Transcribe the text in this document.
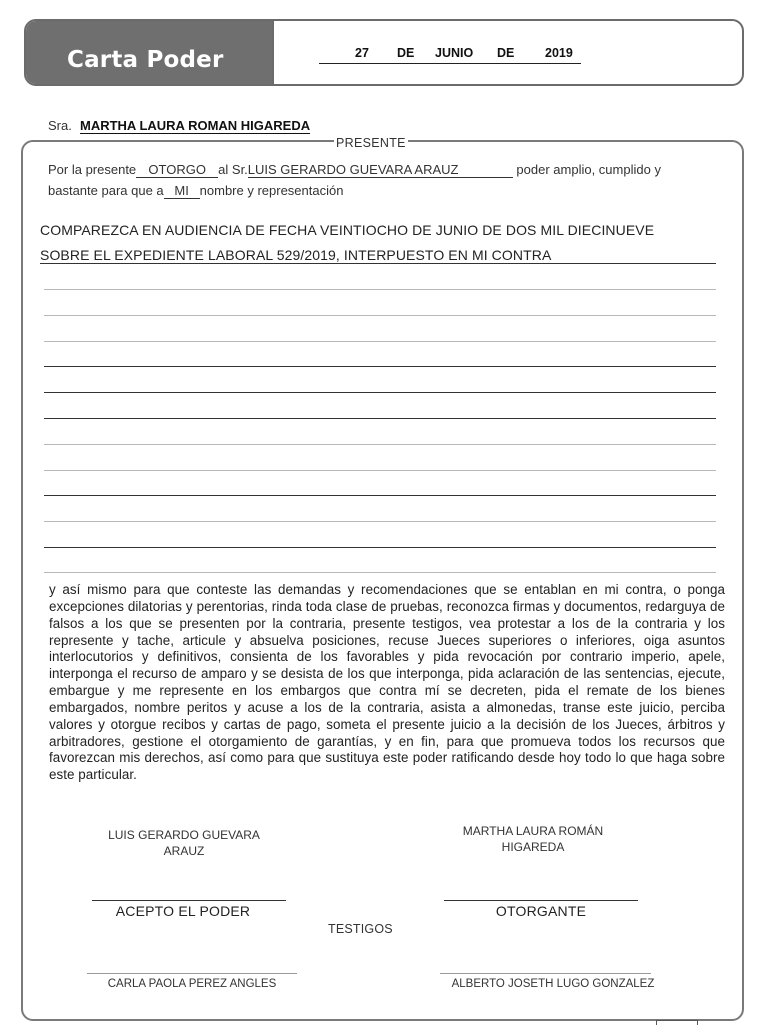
Carta Poder	27 DE JUNIO DE 2019
Sra. MARTHA LAURA ROMAN HIGAREDA
PRESENTE
Por la presente OTORGO al Sr.LUIS GERARDO GUEVARA ARAUZ	poder amplio, cumplido y
bastante para que a MI nombre y representación
COMPAREZCA EN AUDIENCIA DE FECHA VEINTIOCHO DE JUNIO DE DOS MIL DIECINUEVE
SOBRE EL EXPEDIENTE LABORAL 529/2019, INTERPUESTO EN MI CONTRA
y así mismo para que conteste las demandas y recomendaciones que se entablan en mi contra, o ponga excepciones dilatorias y perentorias, rinda toda clase de pruebas, reconozca firmas y documentos, redarguya de falsos a los que se presenten por la contraria, presente testigos, vea protestar a los de la contraria y los represente y tache, articule y absuelva posiciones, recuse Jueces superiores o inferiores, oiga asuntos interlocutorios y definitivos, consienta de los favorables y pida revocación por contrario imperio, apele, interponga el recurso de amparo y se desista de los que interponga, pida aclaración de las sentencias, ejecute, embargue y me represente en los embargos que contra mí se decreten, pida el remate de los bienes embargados, nombre peritos y acuse a los de la contraria, asista a almonedas, transe este juicio, perciba valores y otorgue recibos y cartas de pago, someta el presente juicio a la decisión de los Jueces, árbitros y arbitradores, gestione el otorgamiento de garantías, y en fin, para que promueva todos los recursos que favorezcan mis derechos, así como para que sustituya este poder ratificando desde hoy todo lo que haga sobre este particular.
LUIS GERARDO GUEVARA
ARAUZ
MARTHA LAURA ROMÁN
HIGAREDA
ACEPTO EL PODER	OTORGANTE
TESTIGOS
CARLA PAOLA PEREZ ANGLES	ALBERTO JOSETH LUGO GONZALEZ
